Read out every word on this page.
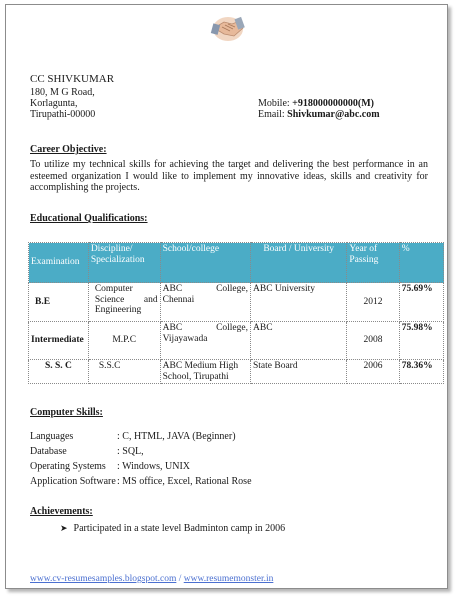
CC SHIVKUMAR
180, M G Road,
Korlagunta,
Tirupathi-00000
Mobile: +918000000000(M)
Email: Shivkumar@abc.com
Career Objective:
To utilize my technical skills for achieving the target and delivering the best performance in an esteemed organization I would like to implement my innovative ideas, skills and creativity for accomplishing the projects.
Educational Qualifications:
Examination	Discipline/ Specialization	School/college	Board / University	Year of Passing	%
B.E	Computer Science and Engineering	ABC College, Chennai	ABC University	2012	75.69%
Intermediate	M.P.C	ABC College, Vijayawada	ABC	2008	75.98%
S. S. C	S.S.C	ABC Medium High School, Tirupathi	State Board	2006	78.36%
Computer Skills:
Languages	: C, HTML, JAVA (Beginner)
Database	: SQL,
Operating Systems : Windows, UNIX
Application Software: MS office, Excel, Rational Rose
Achievements:
➤ Participated in a state level Badminton camp in 2006
www.cv-resumesamples.blogspot.com / www.resumemonster.in
